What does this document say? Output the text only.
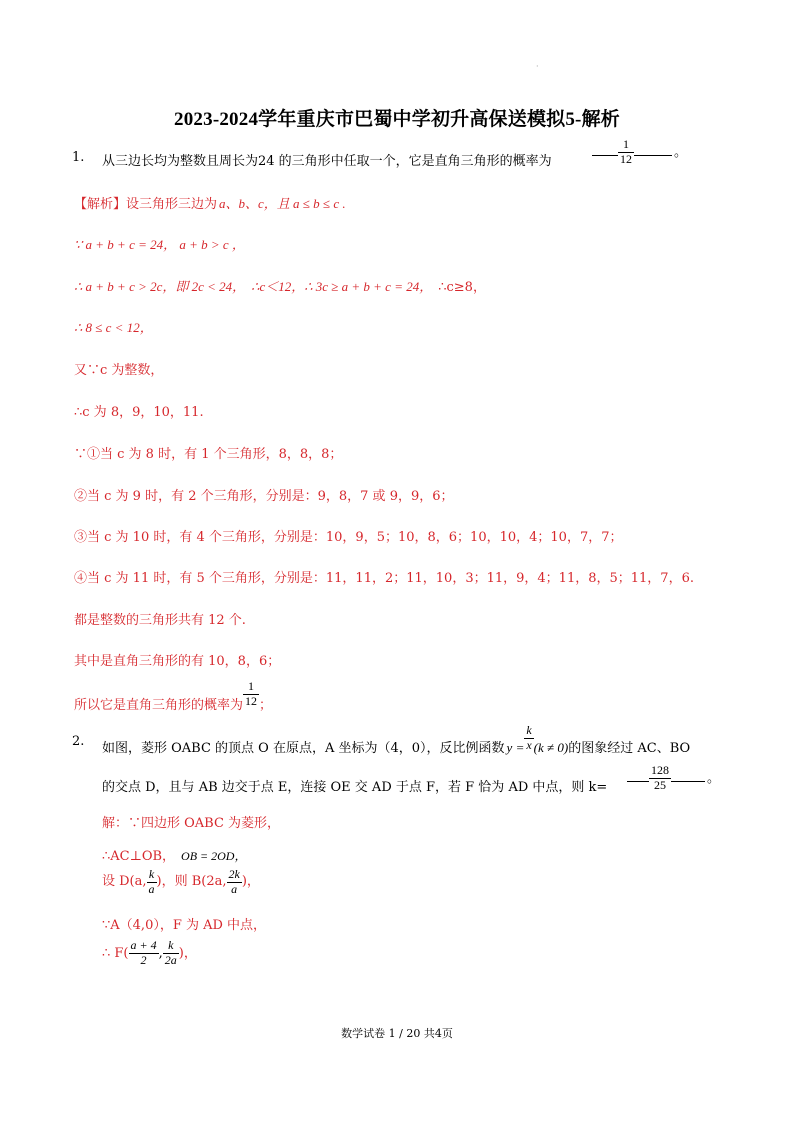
·
2023-2024学年重庆市巴蜀中学初升高保送模拟5-解析
1. 从三边长均为整数且周长为24 的三角形中任取一个，它是直角三角形的概率为	$\frac{1}{12}$	。
【解析】设三角形三边为 a、b、c，且 a ≤ b ≤ c .
∵ a + b + c = 24， a + b > c ，
∴ a + b + c > 2c，即 2c < 24， ∴c＜12，∴ 3c ≥ a + b + c = 24， ∴c≥8，
∴ 8 ≤ c < 12，
又∵c 为整数，
∴c 为 8，9，10，11.
∵①当 c 为 8 时，有 1 个三角形，8，8，8；
②当 c 为 9 时，有 2 个三角形，分别是：9，8，7 或 9，9，6；
③当 c 为 10 时，有 4 个三角形，分别是：10，9，5；10，8，6；10，10，4；10，7，7；
④当 c 为 11 时，有 5 个三角形，分别是：11，11，2；11，10，3；11，9，4；11，8，5；11，7，6.
都是整数的三角形共有 12 个.
其中是直角三角形的有 10，8，6；
所以它是直角三角形的概率为 $\frac{1}{12}$ ；
2. 如图，菱形 OABC 的顶点 O 在原点，A 坐标为（4，0），反比例函数 $y = \frac{k}{x} (k \ne 0)$的图象经过 AC、BO
的交点 D，且与 AB 边交于点 E，连接 OE 交 AD 于点 F，若 F 恰为 AD 中点，则 k=	$\frac{128}{25}$	。
解：∵四边形 OABC 为菱形，
∴AC⊥OB， OB = 2OD，
设 D(a, $\frac{k}{a}$ )，则 B(2a, $\frac{2k}{a}$ )，
∵A（4,0），F 为 AD 中点，
∴ $F( \frac{a + 4}{2}$ , $\frac{k}{2a}$ )，
数学试卷 1 / 20 共4页
